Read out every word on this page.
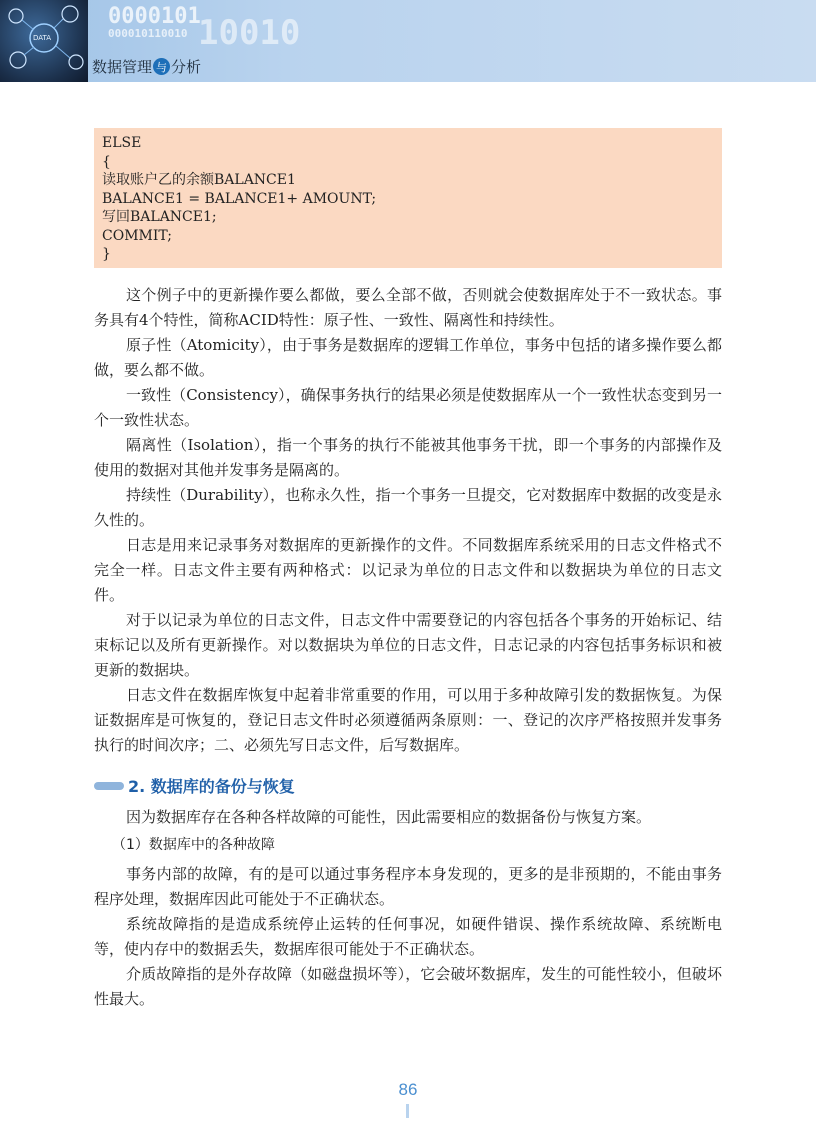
DATA
0000101
000010110010 10010
数据管理 与 分析
ELSE
{
读取账户乙的余额BALANCE1
BALANCE1 = BALANCE1+ AMOUNT;
写回BALANCE1;
COMMIT;
}

这个例子中的更新操作要么都做，要么全部不做，否则就会使数据库处于不一致状态。事务具有4个特性，简称ACID特性：原子性、一致性、隔离性和持续性。

原子性（Atomicity），由于事务是数据库的逻辑工作单位，事务中包括的诸多操作要么都做，要么都不做。

一致性（Consistency），确保事务执行的结果必须是使数据库从一个一致性状态变到另一个一致性状态。

隔离性（Isolation），指一个事务的执行不能被其他事务干扰，即一个事务的内部操作及使用的数据对其他并发事务是隔离的。

持续性（Durability），也称永久性，指一个事务一旦提交，它对数据库中数据的改变是永久性的。

日志是用来记录事务对数据库的更新操作的文件。不同数据库系统采用的日志文件格式不完全一样。日志文件主要有两种格式：以记录为单位的日志文件和以数据块为单位的日志文件。

对于以记录为单位的日志文件，日志文件中需要登记的内容包括各个事务的开始标记、结束标记以及所有更新操作。对以数据块为单位的日志文件，日志记录的内容包括事务标识和被更新的数据块。

日志文件在数据库恢复中起着非常重要的作用，可以用于多种故障引发的数据恢复。为保证数据库是可恢复的，登记日志文件时必须遵循两条原则：一、登记的次序严格按照并发事务执行的时间次序；二、必须先写日志文件，后写数据库。

2. 数据库的备份与恢复

因为数据库存在各种各样故障的可能性，因此需要相应的数据备份与恢复方案。

（1）数据库中的各种故障

事务内部的故障，有的是可以通过事务程序本身发现的，更多的是非预期的，不能由事务程序处理，数据库因此可能处于不正确状态。

系统故障指的是造成系统停止运转的任何事况，如硬件错误、操作系统故障、系统断电等，使内存中的数据丢失，数据库很可能处于不正确状态。

介质故障指的是外存故障（如磁盘损坏等），它会破坏数据库，发生的可能性较小，但破坏性最大。

86
